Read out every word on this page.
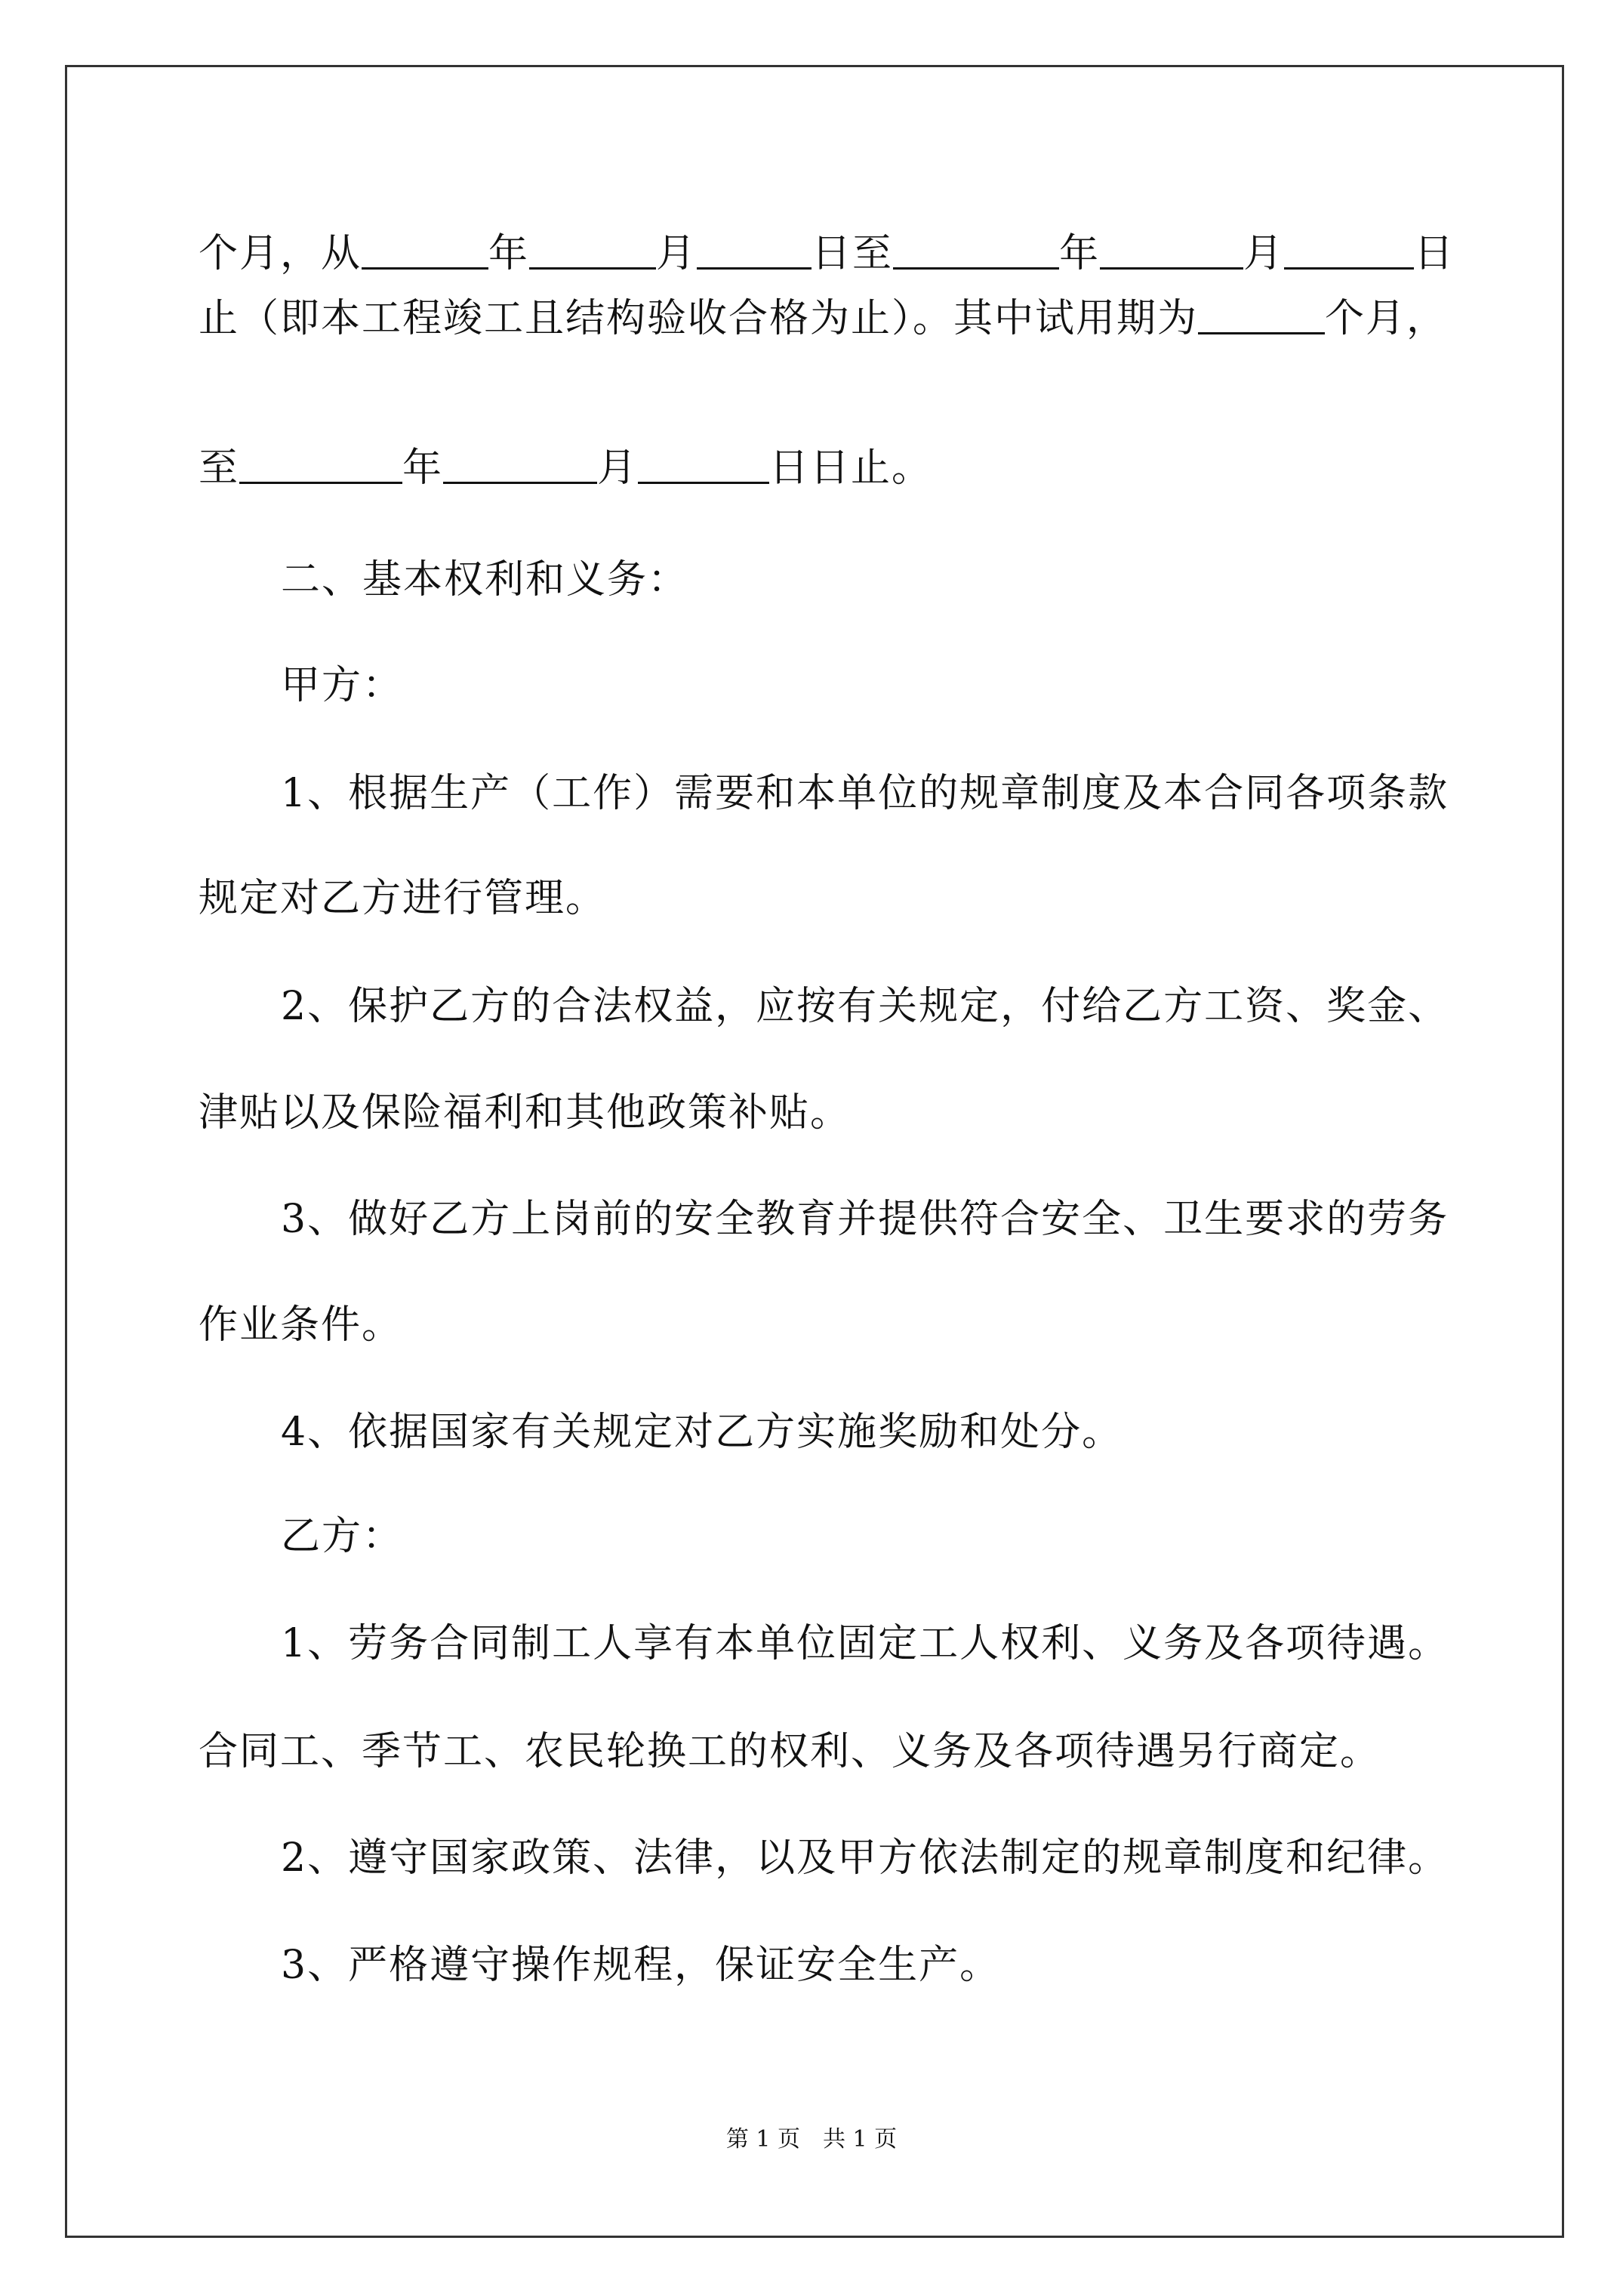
个月，从	年	月	日至	年	月	日
止（即本工程竣工且结构验收合格为止）。其中试用期为	个月，
至	年	月	日日止。
二、基本权利和义务：
甲方：
1、根据生产（工作）需要和本单位的规章制度及本合同各项条款
规定对乙方进行管理。
2、保护乙方的合法权益，应按有关规定，付给乙方工资、奖金、
津贴以及保险福利和其他政策补贴。
3、做好乙方上岗前的安全教育并提供符合安全、卫生要求的劳务
作业条件。
4、依据国家有关规定对乙方实施奖励和处分。
乙方：
1、劳务合同制工人享有本单位固定工人权利、义务及各项待遇。
合同工、季节工、农民轮换工的权利、义务及各项待遇另行商定。
2、遵守国家政策、法律，以及甲方依法制定的规章制度和纪律。
3、严格遵守操作规程，保证安全生产。
第 1 页　共 1 页
